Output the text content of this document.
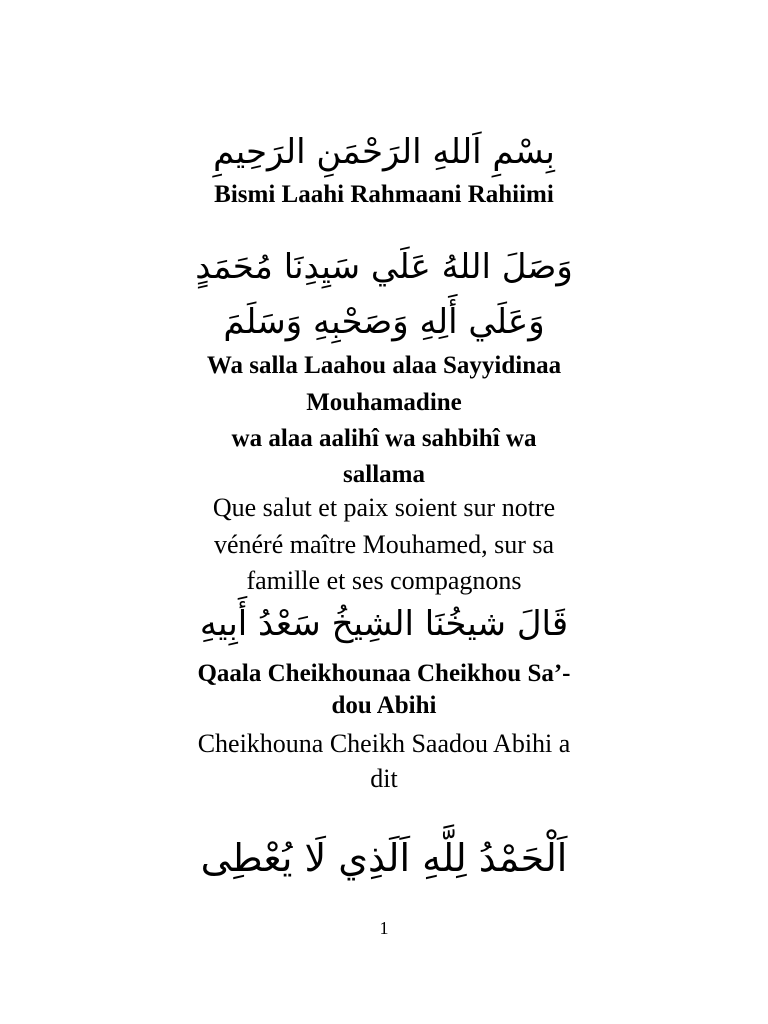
بِسْمِ اَللهِ الرَحْمَنِ الرَحِيمِ
Bismi Laahi Rahmaani Rahiimi
وَصَلَ اللهُ عَلَي سَيِدِنَا مُحَمَدٍ
وَعَلَي أَلِهِ وَصَحْبِهِ وَسَلَمَ
Wa salla Laahou alaa Sayyidinaa
Mouhamadine
wa alaa aalihî wa sahbihî wa
sallama
Que salut et paix soient sur notre
vénéré maître Mouhamed, sur sa
famille et ses compagnons
قَالَ شيخُنَا الشِيخُ سَعْدُ أَبِيهِ
Qaala Cheikhounaa Cheikhou Sa’-
dou Abihi
Cheikhouna Cheikh Saadou Abihi a
dit
اَلْحَمْدُ لِلَّهِ اَلَذِي لَا يُعْطِى
1
